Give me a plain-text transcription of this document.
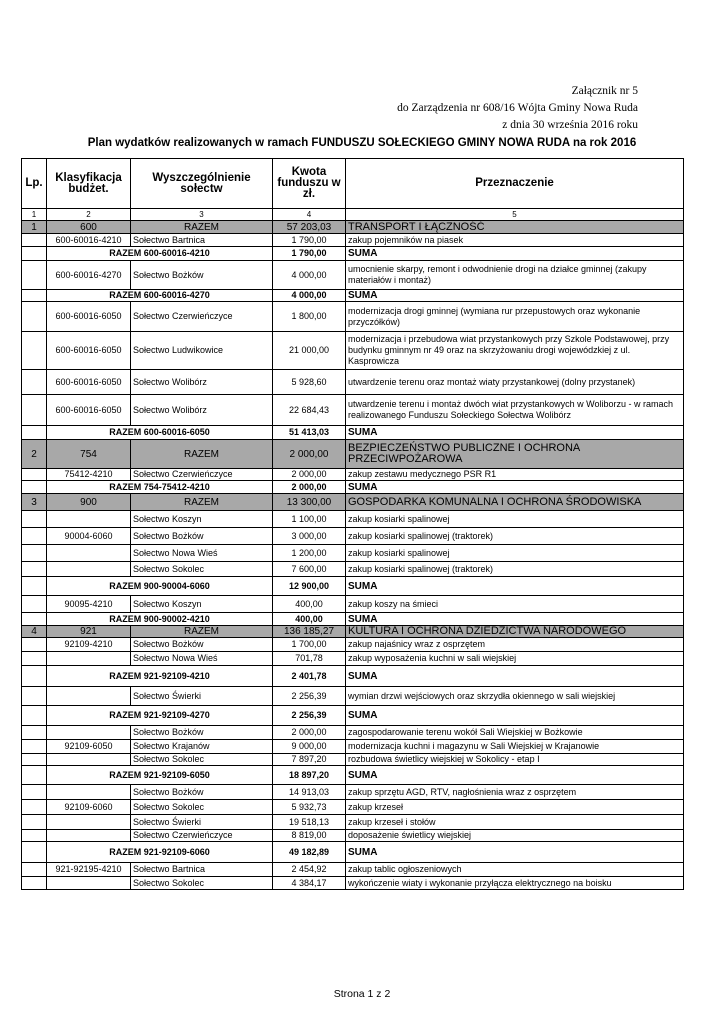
Załącznik nr 5
do Zarządzenia nr 608/16 Wójta Gminy Nowa Ruda
z dnia 30 września 2016 roku
Plan wydatków realizowanych w ramach FUNDUSZU SOŁECKIEGO GMINY NOWA RUDA na rok 2016
Lp.	Klasyfikacja budżet.	Wyszczególnienie sołectw	Kwota funduszu w zł.	Przeznaczenie
1	2	3	4	5
1	600	RAZEM	57 203,03	TRANSPORT I ŁĄCZNOŚĆ
	600-60016-4210	Sołectwo Bartnica	1 790,00	zakup pojemników na piasek
	RAZEM 600-60016-4210		1 790,00	SUMA
	600-60016-4270	Sołectwo Bożków	4 000,00	umocnienie skarpy, remont i odwodnienie drogi na działce gminnej (zakupy materiałów i montaż)
	RAZEM 600-60016-4270		4 000,00	SUMA
	600-60016-6050	Sołectwo Czerwieńczyce	1 800,00	modernizacja drogi gminnej (wymiana rur przepustowych oraz wykonanie przyczółków)
	600-60016-6050	Sołectwo Ludwikowice	21 000,00	modernizacja i przebudowa wiat przystankowych przy Szkole Podstawowej, przy budynku gminnym nr 49 oraz na skrzyżowaniu drogi wojewódzkiej z ul. Kasprowicza
	600-60016-6050	Sołectwo Wolibórz	5 928,60	utwardzenie terenu oraz montaż wiaty przystankowej (dolny przystanek)
	600-60016-6050	Sołectwo Wolibórz	22 684,43	utwardzenie terenu i montaż dwóch wiat przystankowych w Woliborzu - w ramach realizowanego Funduszu Sołeckiego Sołectwa Wolibórz
	RAZEM 600-60016-6050		51 413,03	SUMA
2	754	RAZEM	2 000,00	BEZPIECZEŃSTWO PUBLICZNE I OCHRONA PRZECIWPOŻAROWA
	75412-4210	Sołectwo Czerwieńczyce	2 000,00	zakup zestawu medycznego PSR R1
	RAZEM 754-75412-4210		2 000,00	SUMA
3	900	RAZEM	13 300,00	GOSPODARKA KOMUNALNA I OCHRONA ŚRODOWISKA
		Sołectwo Koszyn	1 100,00	zakup kosiarki spalinowej
	90004-6060	Sołectwo Bożków	3 000,00	zakup kosiarki spalinowej (traktorek)
		Sołectwo Nowa Wieś	1 200,00	zakup kosiarki spalinowej
		Sołectwo Sokolec	7 600,00	zakup kosiarki spalinowej (traktorek)
	RAZEM 900-90004-6060		12 900,00	SUMA
	90095-4210	Sołectwo Koszyn	400,00	zakup koszy na śmieci
	RAZEM 900-90002-4210		400,00	SUMA
4	921	RAZEM	136 185,27	KULTURA I OCHRONA DZIEDZICTWA NARODOWEGO
	92109-4210	Sołectwo Bożków	1 700,00	zakup najaśnicy wraz z osprzętem
		Sołectwo Nowa Wieś	701,78	zakup wyposażenia kuchni w sali wiejskiej
	RAZEM 921-92109-4210		2 401,78	SUMA
		Sołectwo Świerki	2 256,39	wymian drzwi wejściowych oraz skrzydła okiennego w sali wiejskiej
	RAZEM 921-92109-4270		2 256,39	SUMA
		Sołectwo Bożków	2 000,00	zagospodarowanie terenu wokół Sali Wiejskiej w Bożkowie
	92109-6050	Sołectwo Krajanów	9 000,00	modernizacja kuchni i magazynu w Sali Wiejskiej w Krajanowie
		Sołectwo Sokolec	7 897,20	rozbudowa świetlicy wiejskiej w Sokolicy - etap I
	RAZEM 921-92109-6050		18 897,20	SUMA
		Sołectwo Bożków	14 913,03	zakup sprzętu AGD, RTV, nagłośnienia wraz z osprzętem
	92109-6060	Sołectwo Sokolec	5 932,73	zakup krzeseł
		Sołectwo Świerki	19 518,13	zakup krzeseł i stołów
		Sołectwo Czerwieńczyce	8 819,00	doposażenie świetlicy wiejskiej
	RAZEM 921-92109-6060		49 182,89	SUMA
	921-92195-4210	Sołectwo Bartnica	2 454,92	zakup tablic ogłoszeniowych
		Sołectwo Sokolec	4 384,17	wykończenie wiaty i wykonanie przyłącza elektrycznego na boisku
Strona 1 z 2
